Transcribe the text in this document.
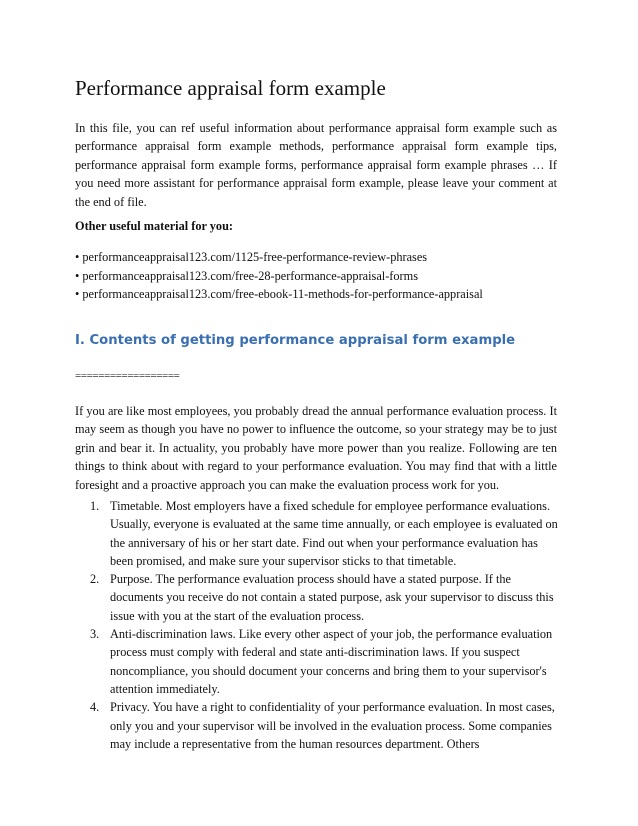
Performance appraisal form example

In this file, you can ref useful information about performance appraisal form example such as performance appraisal form example methods, performance appraisal form example tips, performance appraisal form example forms, performance appraisal form example phrases … If you need more assistant for performance appraisal form example, please leave your comment at the end of file.

Other useful material for you:

• performanceappraisal123.com/1125-free-performance-review-phrases
• performanceappraisal123.com/free-28-performance-appraisal-forms
• performanceappraisal123.com/free-ebook-11-methods-for-performance-appraisal
I. Contents of getting performance appraisal form example

==================

If you are like most employees, you probably dread the annual performance evaluation process. It may seem as though you have no power to influence the outcome, so your strategy may be to just grin and bear it. In actuality, you probably have more power than you realize. Following are ten things to think about with regard to your performance evaluation. You may find that with a little foresight and a proactive approach you can make the evaluation process work for you.

1. Timetable. Most employers have a fixed schedule for employee performance evaluations. Usually, everyone is evaluated at the same time annually, or each employee is evaluated on the anniversary of his or her start date. Find out when your performance evaluation has been promised, and make sure your supervisor sticks to that timetable.
2. Purpose. The performance evaluation process should have a stated purpose. If the documents you receive do not contain a stated purpose, ask your supervisor to discuss this issue with you at the start of the evaluation process.
3. Anti-discrimination laws. Like every other aspect of your job, the performance evaluation process must comply with federal and state anti-discrimination laws. If you suspect noncompliance, you should document your concerns and bring them to your supervisor's attention immediately.
4. Privacy. You have a right to confidentiality of your performance evaluation. In most cases, only you and your supervisor will be involved in the evaluation process. Some companies may include a representative from the human resources department. Others
